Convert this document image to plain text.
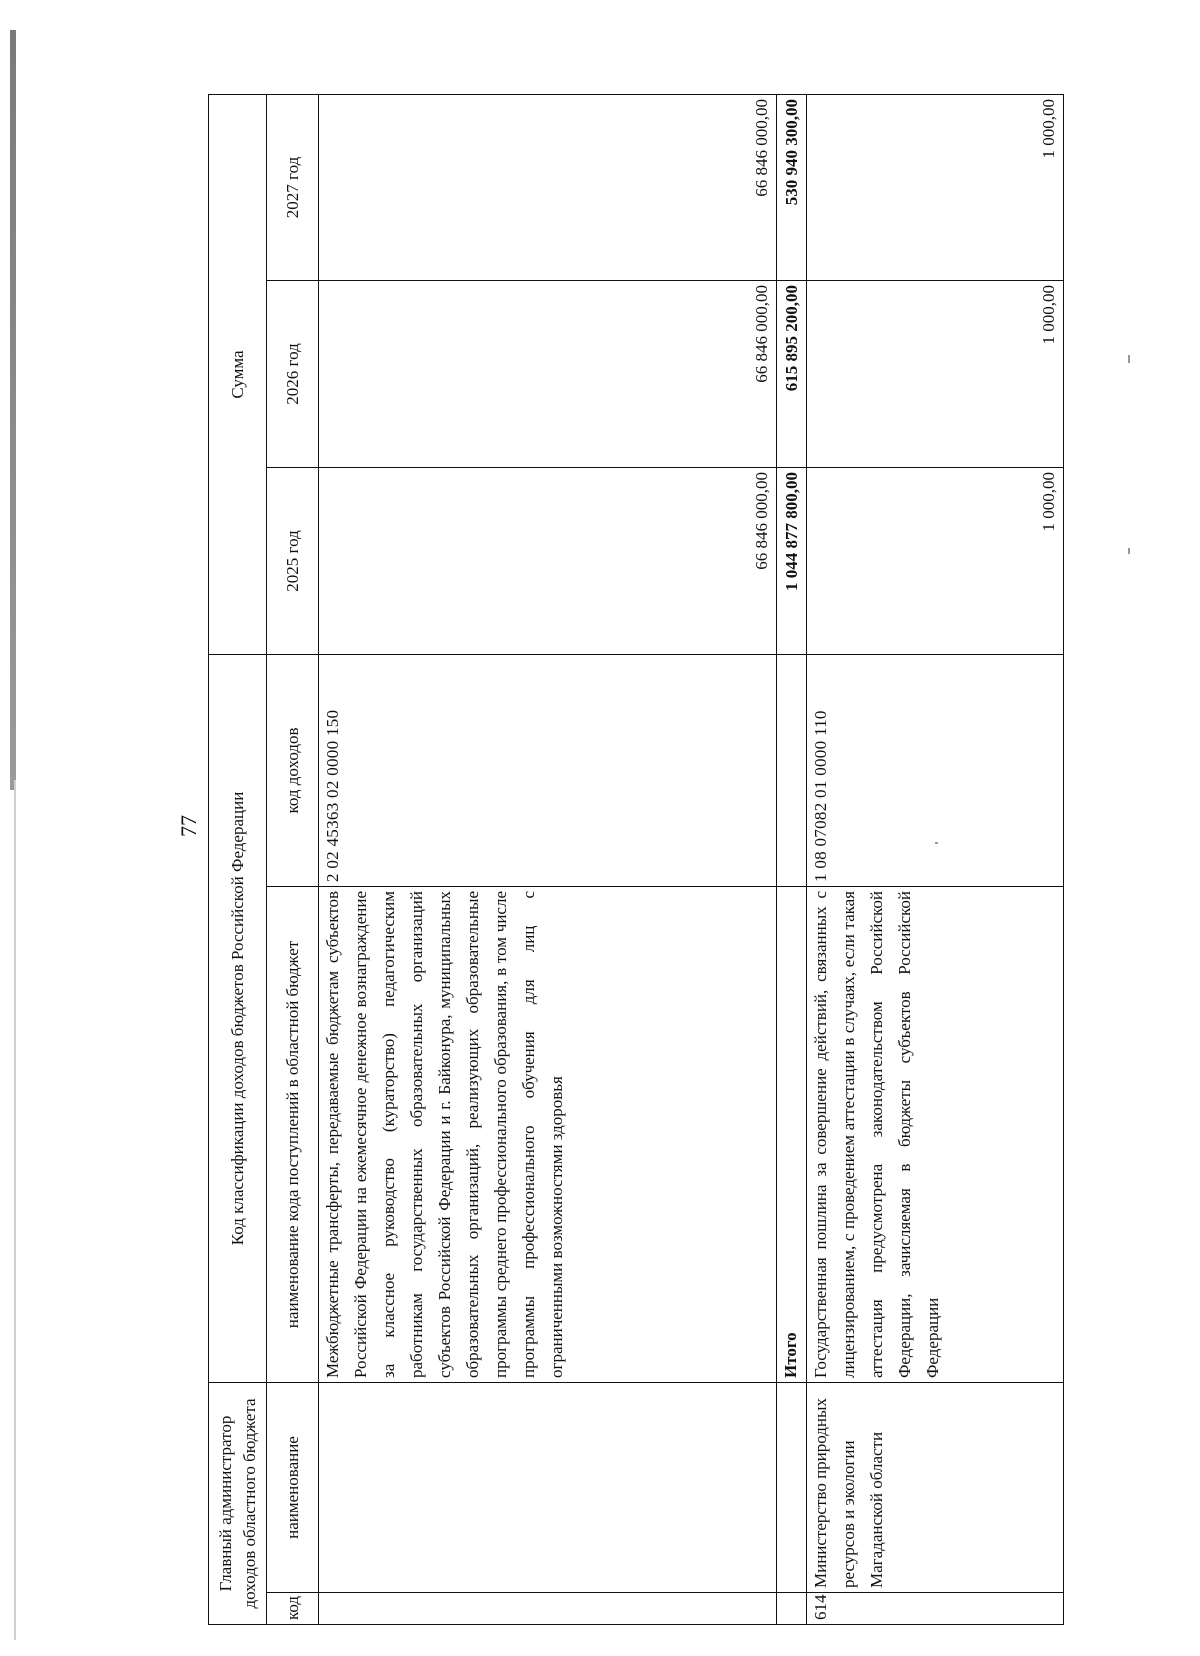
77
Главный администратор доходов областного бюджета		Код классификации доходов бюджетов Российской Федерации		Сумма		
код	наименование	наименование кода поступлений в областной бюджет	код доходов	2025 год	2026 год	2027 год
		Межбюджетные трансферты, передаваемые бюджетам субъектов Российской Федерации на ежемесячное денежное вознаграждение за классное руководство (кураторство) педагогическим работникам государственных образовательных организаций субъектов Российской Федерации и г. Байконура, муниципальных образовательных организаций, реализующих образовательные программы среднего профессионального образования, в том числе программы профессионального обучения для лиц с ограниченными возможностями здоровья	2 02 45363 02 0000 150	66 846 000,00	66 846 000,00	66 846 000,00
		Итого		1 044 877 800,00	615 895 200,00	530 940 300,00
614	Министерство природных ресурсов и экологии Магаданской области	Государственная пошлина за совершение действий, связанных с лицензированием, с проведением аттестации в случаях, если такая аттестация предусмотрена законодательством Российской Федерации, зачисляемая в бюджеты субъектов Российской Федерации	1 08 07082 01 0000 110	1 000,00	1 000,00	1 000,00
